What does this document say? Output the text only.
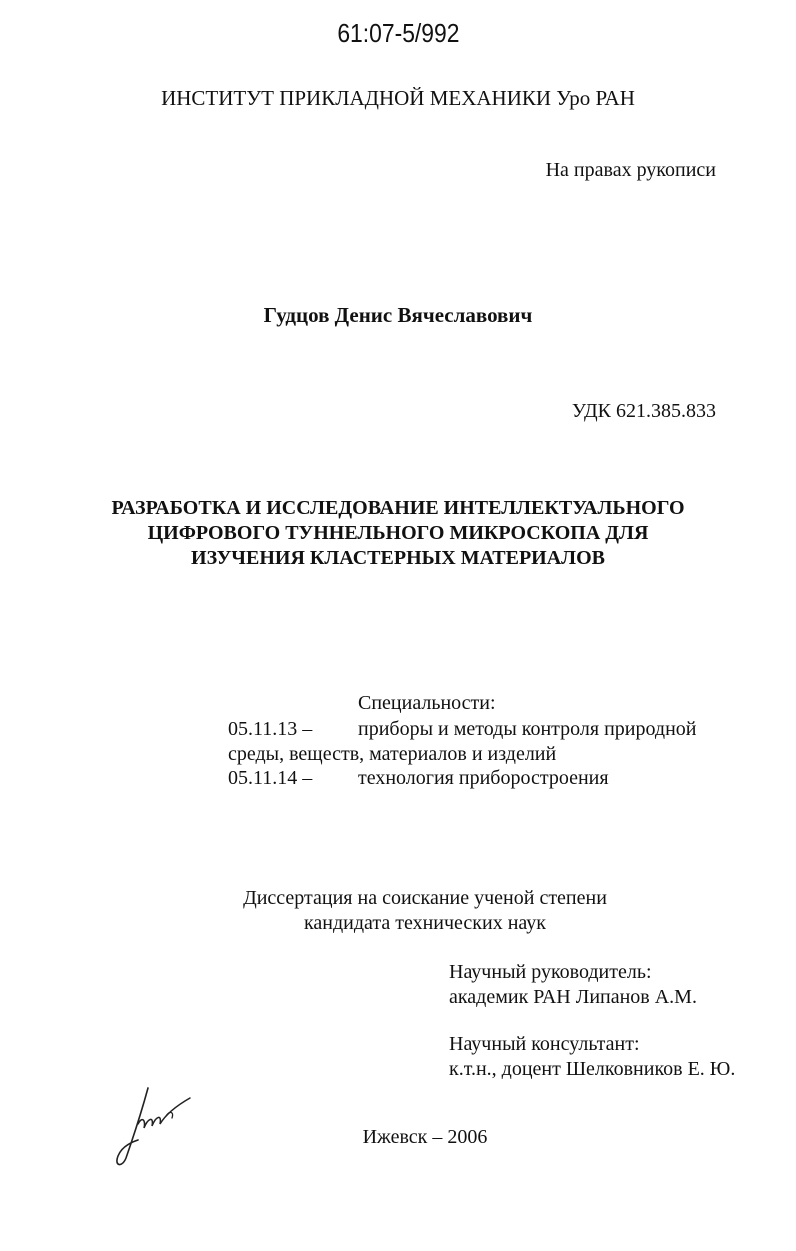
61:07-5/992
ИНСТИТУТ ПРИКЛАДНОЙ МЕХАНИКИ Уро РАН
На правах рукописи
Гудцов Денис Вячеславович
УДК 621.385.833
РАЗРАБОТКА И ИССЛЕДОВАНИЕ ИНТЕЛЛЕКТУАЛЬНОГО
ЦИФРОВОГО ТУННЕЛЬНОГО МИКРОСКОПА ДЛЯ
ИЗУЧЕНИЯ КЛАСТЕРНЫХ МАТЕРИАЛОВ
Специальности:
05.11.13 – приборы и методы контроля природной
среды, веществ, материалов и изделий
05.11.14 – технология приборостроения
Диссертация на соискание ученой степени
кандидата технических наук
Научный руководитель:
академик РАН Липанов А.М.
Научный консультант:
к.т.н., доцент Шелковников Е. Ю.
Ижевск – 2006
